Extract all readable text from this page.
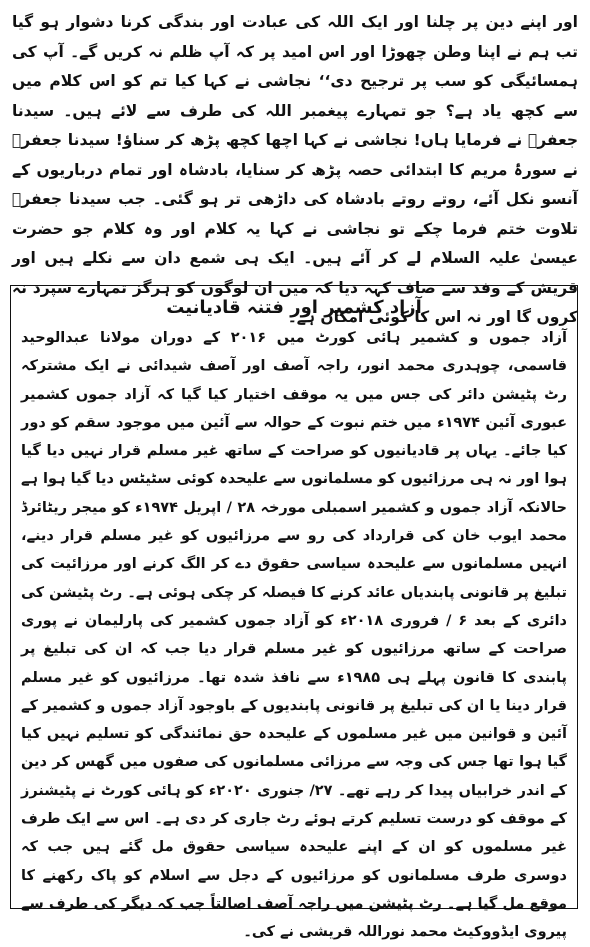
اور اپنے دین پر چلنا اور ایک اللہ کی عبادت اور بندگی کرنا دشوار ہو گیا تب ہم نے اپنا وطن چھوڑا اور اس امید پر کہ آپ ظلم نہ کریں گے۔ آپ کی ہمسائیگی کو سب پر ترجیح دی‘‘ نجاشی نے کہا کیا تم کو اس کلام میں سے کچھ یاد ہے؟ جو تمہارے پیغمبر اللہ کی طرف سے لائے ہیں۔ سیدنا جعفرؓ نے فرمایا ہاں! نجاشی نے کہا اچھا کچھ پڑھ کر سناؤ! سیدنا جعفرؓ نے سورۂ مریم کا ابتدائی حصہ پڑھ کر سنایا، بادشاہ اور تمام درباریوں کے آنسو نکل آئے، روتے روتے بادشاہ کی داڑھی تر ہو گئی۔ جب سیدنا جعفرؓ تلاوت ختم فرما چکے تو نجاشی نے کہا یہ کلام اور وہ کلام جو حضرت عیسیٰ علیہ السلام لے کر آئے ہیں۔ ایک ہی شمع دان سے نکلے ہیں اور قریش کے وفد سے صاف کہہ دیا کہ میں ان لوگوں کو ہرگز تمہارے سپرد نہ کروں گا اور نہ اس کا کوئی امکان ہے۔

آزاد کشمیر اور فتنہ قادیانیت

آزاد جموں و کشمیر ہائی کورٹ میں ۲۰۱۶ کے دوران مولانا عبدالوحید قاسمی، چوہدری محمد انور، راجہ آصف اور آصف شیدائی نے ایک مشترکہ رٹ پٹیشن دائر کی جس میں یہ موقف اختیار کیا گیا کہ آزاد جموں کشمیر عبوری آئین ۱۹۷۴ء میں ختم نبوت کے حوالہ سے آئین میں موجود سقم کو دور کیا جائے۔ یہاں پر قادیانیوں کو صراحت کے ساتھ غیر مسلم قرار نہیں دیا گیا ہوا اور نہ ہی مرزائیوں کو مسلمانوں سے علیحدہ کوئی سٹیٹس دیا گیا ہوا ہے حالانکہ آزاد جموں و کشمیر اسمبلی مورخہ ۲۸ / اپریل ۱۹۷۴ء کو میجر ریٹائرڈ محمد ایوب خان کی قرارداد کی رو سے مرزائیوں کو غیر مسلم قرار دینے، انہیں مسلمانوں سے علیحدہ سیاسی حقوق دے کر الگ کرنے اور مرزائیت کی تبلیغ پر قانونی پابندیاں عائد کرنے کا فیصلہ کر چکی ہوئی ہے۔ رٹ پٹیشن کی دائری کے بعد ۶ / فروری ۲۰۱۸ء کو آزاد جموں کشمیر کی پارلیمان نے پوری صراحت کے ساتھ مرزائیوں کو غیر مسلم قرار دیا جب کہ ان کی تبلیغ پر پابندی کا قانون پہلے ہی ۱۹۸۵ء سے نافذ شدہ تھا۔ مرزائیوں کو غیر مسلم قرار دینا یا ان کی تبلیغ پر قانونی پابندیوں کے باوجود آزاد جموں و کشمیر کے آئین و قوانین میں غیر مسلموں کے علیحدہ حق نمائندگی کو تسلیم نہیں کیا گیا ہوا تھا جس کی وجہ سے مرزائی مسلمانوں کی صفوں میں گھس کر دین کے اندر خرابیاں پیدا کر رہے تھے۔ ۲۷/ جنوری ۲۰۲۰ء کو ہائی کورٹ نے پٹیشنرز کے موقف کو درست تسلیم کرتے ہوئے رٹ جاری کر دی ہے۔ اس سے ایک طرف غیر مسلموں کو ان کے اپنے علیحدہ سیاسی حقوق مل گئے ہیں جب کہ دوسری طرف مسلمانوں کو مرزائیوں کے دجل سے اسلام کو پاک رکھنے کا موقع مل گیا ہے۔ رٹ پٹیشن میں راجہ آصف اصالتاً جب کہ دیگر کی طرف سے پیروی ایڈووکیٹ محمد نوراللہ قریشی نے کی۔
